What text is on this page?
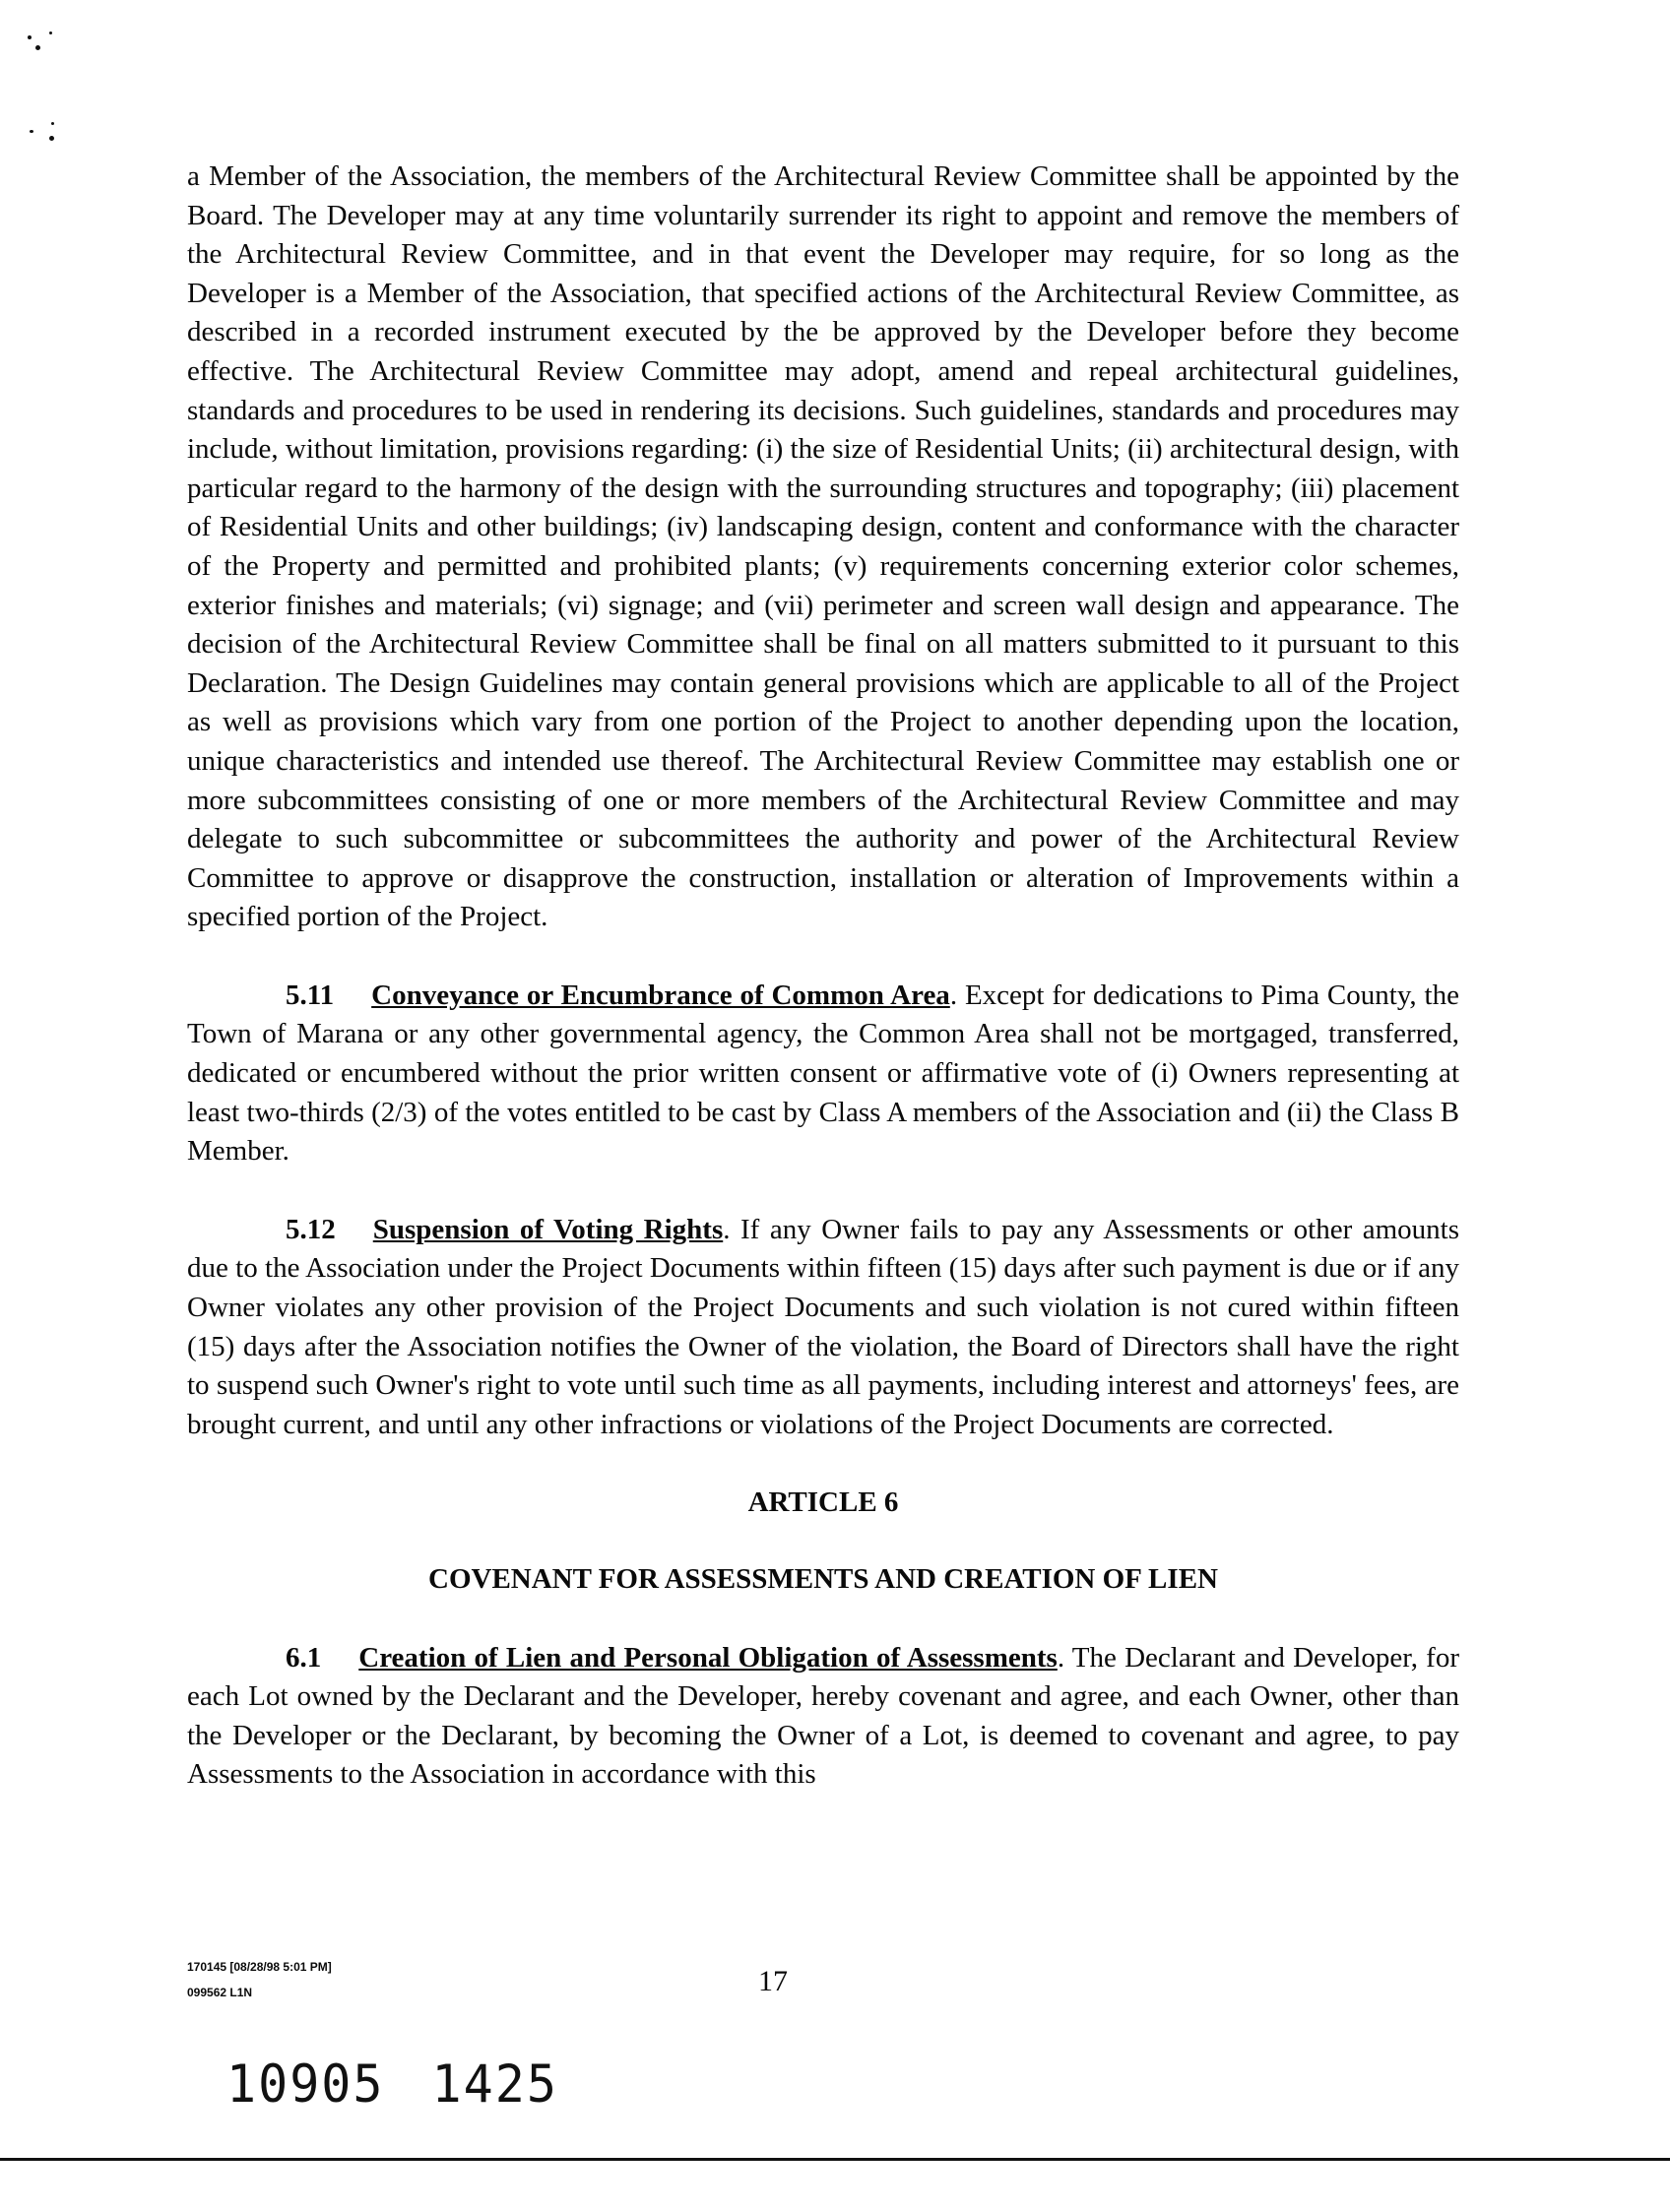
a Member of the Association, the members of the Architectural Review Committee shall be appointed by the Board. The Developer may at any time voluntarily surrender its right to appoint and remove the members of the Architectural Review Committee, and in that event the Developer may require, for so long as the Developer is a Member of the Association, that specified actions of the Architectural Review Committee, as described in a recorded instrument executed by the be approved by the Developer before they become effective. The Architectural Review Committee may adopt, amend and repeal architectural guidelines, standards and procedures to be used in rendering its decisions. Such guidelines, standards and procedures may include, without limitation, provisions regarding: (i) the size of Residential Units; (ii) architectural design, with particular regard to the harmony of the design with the surrounding structures and topography; (iii) placement of Residential Units and other buildings; (iv) landscaping design, content and conformance with the character of the Property and permitted and prohibited plants; (v) requirements concerning exterior color schemes, exterior finishes and materials; (vi) signage; and (vii) perimeter and screen wall design and appearance. The decision of the Architectural Review Committee shall be final on all matters submitted to it pursuant to this Declaration. The Design Guidelines may contain general provisions which are applicable to all of the Project as well as provisions which vary from one portion of the Project to another depending upon the location, unique characteristics and intended use thereof. The Architectural Review Committee may establish one or more subcommittees consisting of one or more members of the Architectural Review Committee and may delegate to such subcommittee or subcommittees the authority and power of the Architectural Review Committee to approve or disapprove the construction, installation or alteration of Improvements within a specified portion of the Project.

5.11 Conveyance or Encumbrance of Common Area. Except for dedications to Pima County, the Town of Marana or any other governmental agency, the Common Area shall not be mortgaged, transferred, dedicated or encumbered without the prior written consent or affirmative vote of (i) Owners representing at least two-thirds (2/3) of the votes entitled to be cast by Class A members of the Association and (ii) the Class B Member.

5.12 Suspension of Voting Rights. If any Owner fails to pay any Assessments or other amounts due to the Association under the Project Documents within fifteen (15) days after such payment is due or if any Owner violates any other provision of the Project Documents and such violation is not cured within fifteen (15) days after the Association notifies the Owner of the violation, the Board of Directors shall have the right to suspend such Owner's right to vote until such time as all payments, including interest and attorneys' fees, are brought current, and until any other infractions or violations of the Project Documents are corrected.

ARTICLE 6

COVENANT FOR ASSESSMENTS AND CREATION OF LIEN

6.1 Creation of Lien and Personal Obligation of Assessments. The Declarant and Developer, for each Lot owned by the Declarant and the Developer, hereby covenant and agree, and each Owner, other than the Developer or the Declarant, by becoming the Owner of a Lot, is deemed to covenant and agree, to pay Assessments to the Association in accordance with this

170145 [08/28/98 5:01 PM]
099562 L1N	17
10905 1425
